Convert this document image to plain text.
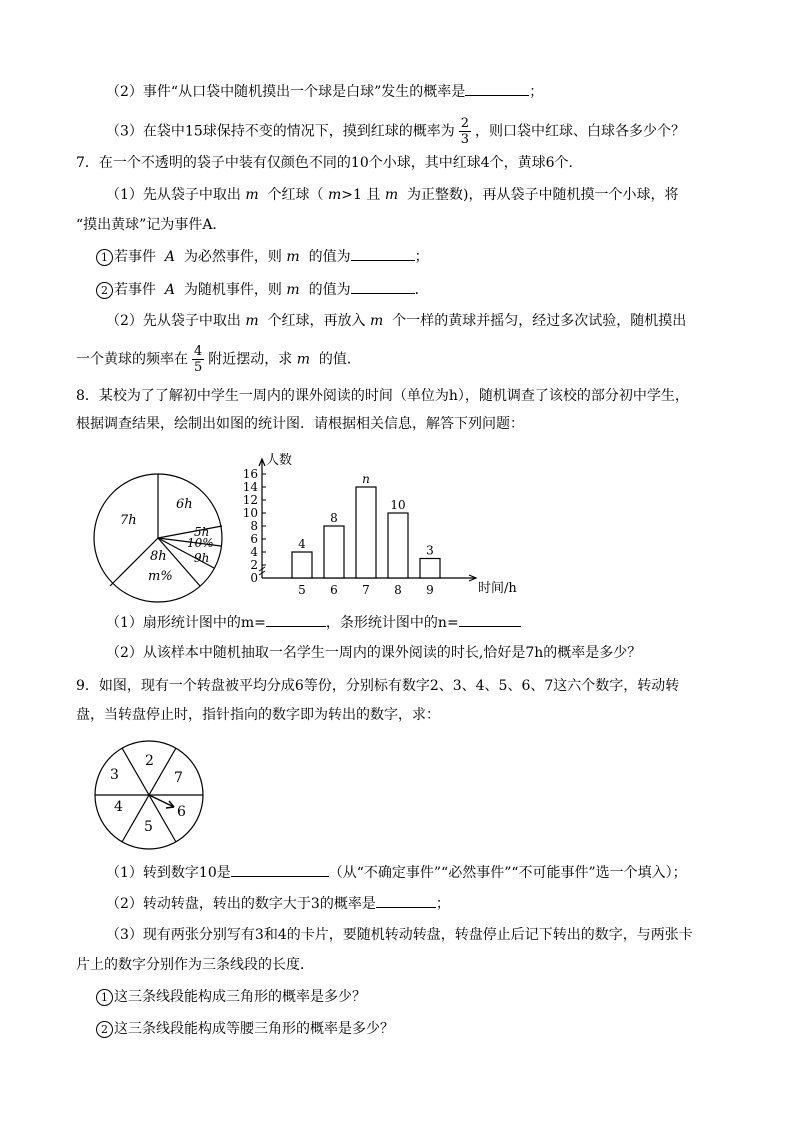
（2）事件“从口袋中随机摸出一个球是白球”发生的概率是	；
（3）在袋中15球保持不变的情况下，摸到红球的概率为 $\frac{2}{3}$ ，则口袋中红球、白球各多少个？
7．在一个不透明的袋子中装有仅颜色不同的10个小球，其中红球4个，黄球6个．
（1）先从袋子中取出 m 个红球（ m>1 且 m 为正整数)，再从袋子中随机摸一个小球，将
“摸出黄球”记为事件A．
1 若事件 A 为必然事件，则 m 的值为	；
2 若事件 A 为随机事件，则 m 的值为	．
（2）先从袋子中取出 m 个红球，再放入 m 个一样的黄球并摇匀，经过多次试验，随机摸出
一个黄球的频率在 $\frac{4}{5}$ 附近摆动，求 m 的值．
8．某校为了了解初中学生一周内的课外阅读的时间（单位为h），随机调查了该校的部分初中学生，
根据调查结果，绘制出如图的统计图．请根据相关信息，解答下列问题：
6h
7h
8h
m%
5h
10%
9h
0
2
4
6
8
10
12
14
16
4
5
8
6
n
7
10
8
3
9
人数
时间/h
（1）扇形统计图中的m=	，条形统计图中的n=
（2）从该样本中随机抽取一名学生一周内的课外阅读的时长,恰好是7h的概率是多少？
9．如图，现有一个转盘被平均分成6等份，分别标有数字2、3、4、5、6、7这六个数字，转动转
盘，当转盘停止时，指针指向的数字即为转出的数字，求：
2
7
6
5
4
3
（1）转到数字10是	（从“不确定事件”“必然事件”“不可能事件”选一个填入）；
（2）转动转盘，转出的数字大于3的概率是	；
（3）现有两张分别写有3和4的卡片，要随机转动转盘，转盘停止后记下转出的数字，与两张卡
片上的数字分别作为三条线段的长度．
1 这三条线段能构成三角形的概率是多少？
2 这三条线段能构成等腰三角形的概率是多少？
